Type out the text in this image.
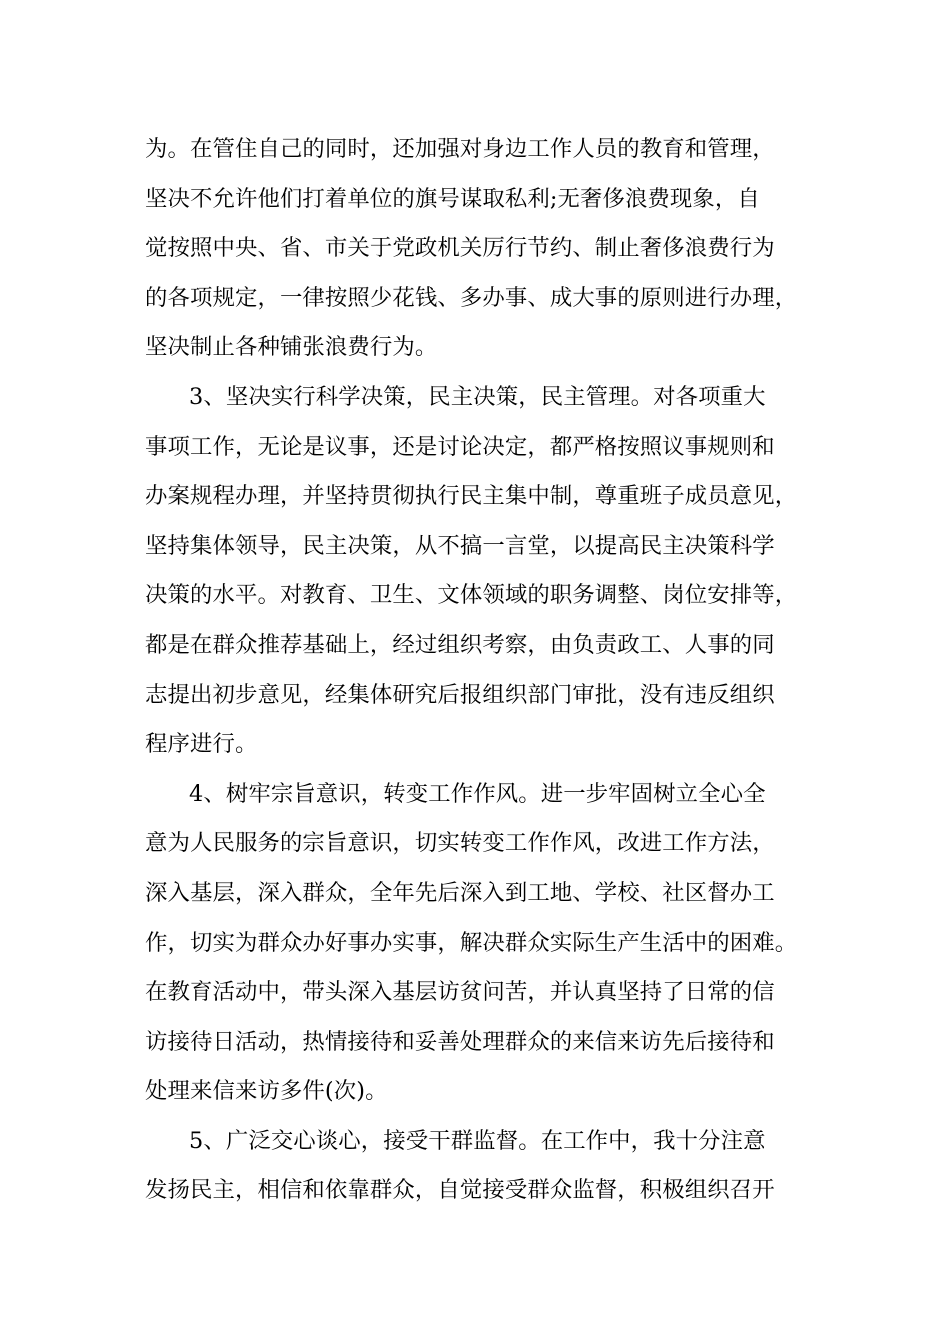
为。在管住自己的同时，还加强对身边工作人员的教育和管理，
坚决不允许他们打着单位的旗号谋取私利;无奢侈浪费现象，自
觉按照中央、省、市关于党政机关厉行节约、制止奢侈浪费行为
的各项规定，一律按照少花钱、多办事、成大事的原则进行办理，
坚决制止各种铺张浪费行为。
3、坚决实行科学决策，民主决策，民主管理。对各项重大
事项工作，无论是议事，还是讨论决定，都严格按照议事规则和
办案规程办理，并坚持贯彻执行民主集中制，尊重班子成员意见，
坚持集体领导，民主决策，从不搞一言堂，以提高民主决策科学
决策的水平。对教育、卫生、文体领域的职务调整、岗位安排等，
都是在群众推荐基础上，经过组织考察，由负责政工、人事的同
志提出初步意见，经集体研究后报组织部门审批，没有违反组织
程序进行。
4、树牢宗旨意识，转变工作作风。进一步牢固树立全心全
意为人民服务的宗旨意识，切实转变工作作风，改进工作方法，
深入基层，深入群众，全年先后深入到工地、学校、社区督办工
作，切实为群众办好事办实事，解决群众实际生产生活中的困难。
在教育活动中，带头深入基层访贫问苦，并认真坚持了日常的信
访接待日活动，热情接待和妥善处理群众的来信来访先后接待和
处理来信来访多件(次)。
5、广泛交心谈心，接受干群监督。在工作中，我十分注意
发扬民主，相信和依靠群众，自觉接受群众监督，积极组织召开
